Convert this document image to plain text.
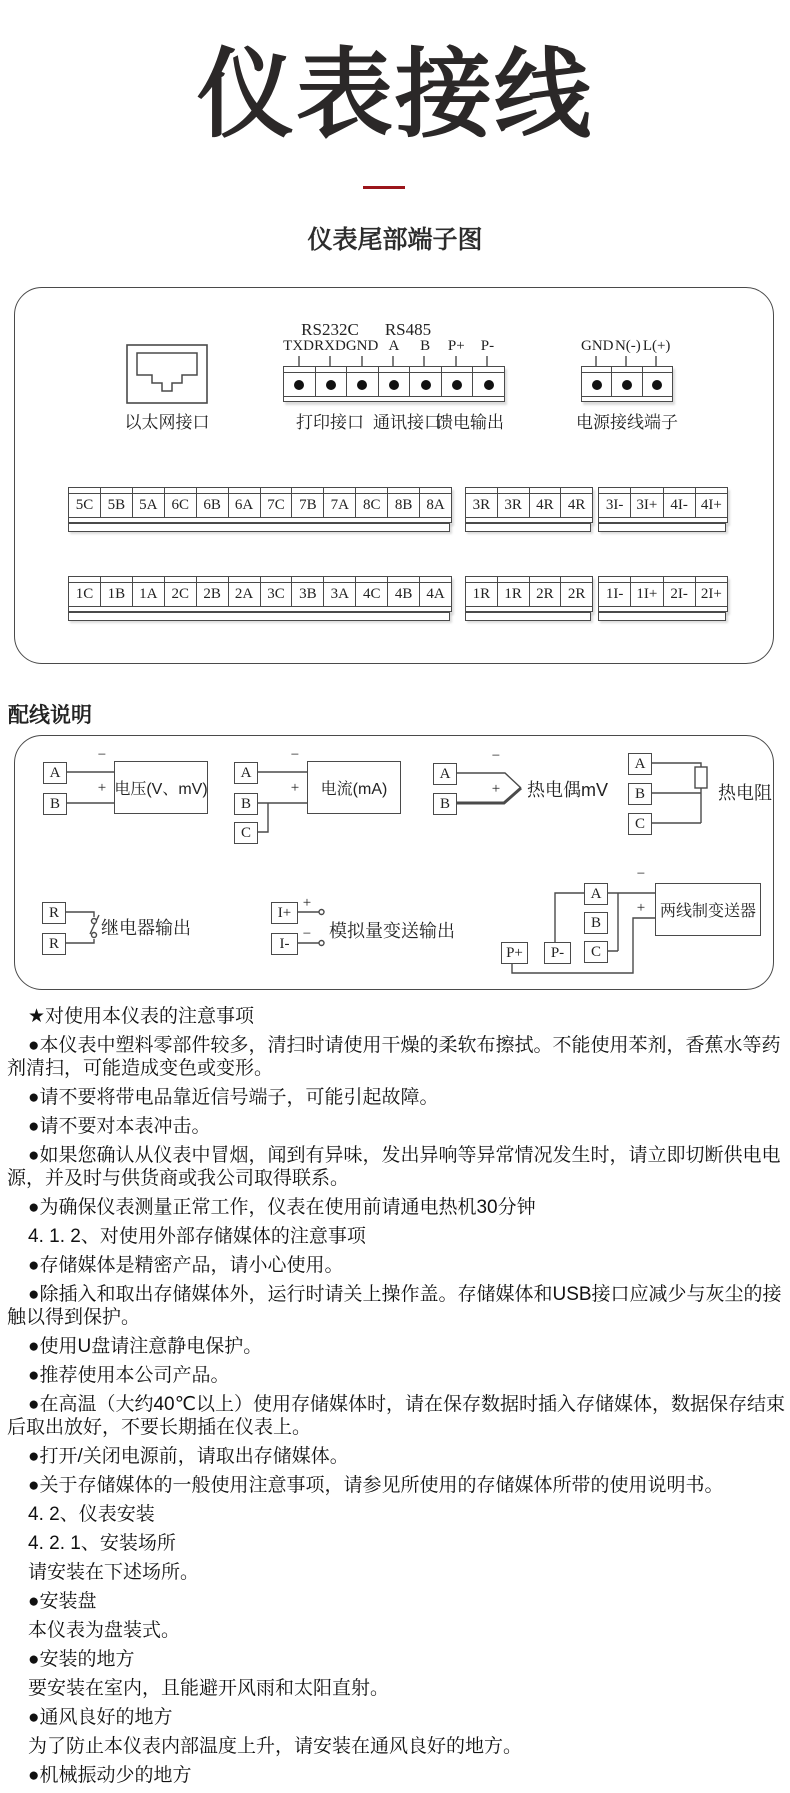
仪表接线
仪表尾部端子图
以太网接口
RS232C	RS485
TXD RXD GND A	B	P+	P-	GND N(-) L(+)
打印接口 通讯接口
馈电输出	电源接线端子
5C 5B 5A 6C 6B 6A 7C 7B 7A 8C 8B 8A	3R 3R 4R 4R	3I- 3I+ 4I- 4I+
1C 1B 1A 2C 2B 2A 3C 3B 3A 4C 4B 4A	1R 1R 2R 2R	1I- 1I+ 2I- 2I+
配线说明
A
B
−
+ 电压(V、mV)
A
B
C
−
+	电流(mA)
A
B
−
+ 热电偶mV
A
B
C
热电阻
R
R
继电器输出
I+
I-
+
− 模拟量变送输出
A
B
C
P+	P-
−
+ 两线制变送器

★对使用本仪表的注意事项

●本仪表中塑料零部件较多，清扫时请使用干燥的柔软布擦拭。不能使用苯剂，香蕉水等药剂清扫，可能造成变色或变形。

●请不要将带电品靠近信号端子，可能引起故障。

●请不要对本表冲击。

●如果您确认从仪表中冒烟，闻到有异味，发出异响等异常情况发生时，请立即切断供电电源，并及时与供货商或我公司取得联系。

●为确保仪表测量正常工作，仪表在使用前请通电热机30分钟

4. 1. 2、对使用外部存储媒体的注意事项

●存储媒体是精密产品，请小心使用。

●除插入和取出存储媒体外，运行时请关上操作盖。存储媒体和USB接口应减少与灰尘的接触以得到保护。

●使用U盘请注意静电保护。

●推荐使用本公司产品。

●在高温（大约40℃以上）使用存储媒体时，请在保存数据时插入存储媒体，数据保存结束后取出放好，不要长期插在仪表上。

●打开/关闭电源前，请取出存储媒体。

●关于存储媒体的一般使用注意事项，请参见所使用的存储媒体所带的使用说明书。

4. 2、仪表安装

4. 2. 1、安装场所

请安装在下述场所。

●安装盘

本仪表为盘装式。

●安装的地方

要安装在室内，且能避开风雨和太阳直射。

●通风良好的地方

为了防止本仪表内部温度上升，请安装在通风良好的地方。

●机械振动少的地方
